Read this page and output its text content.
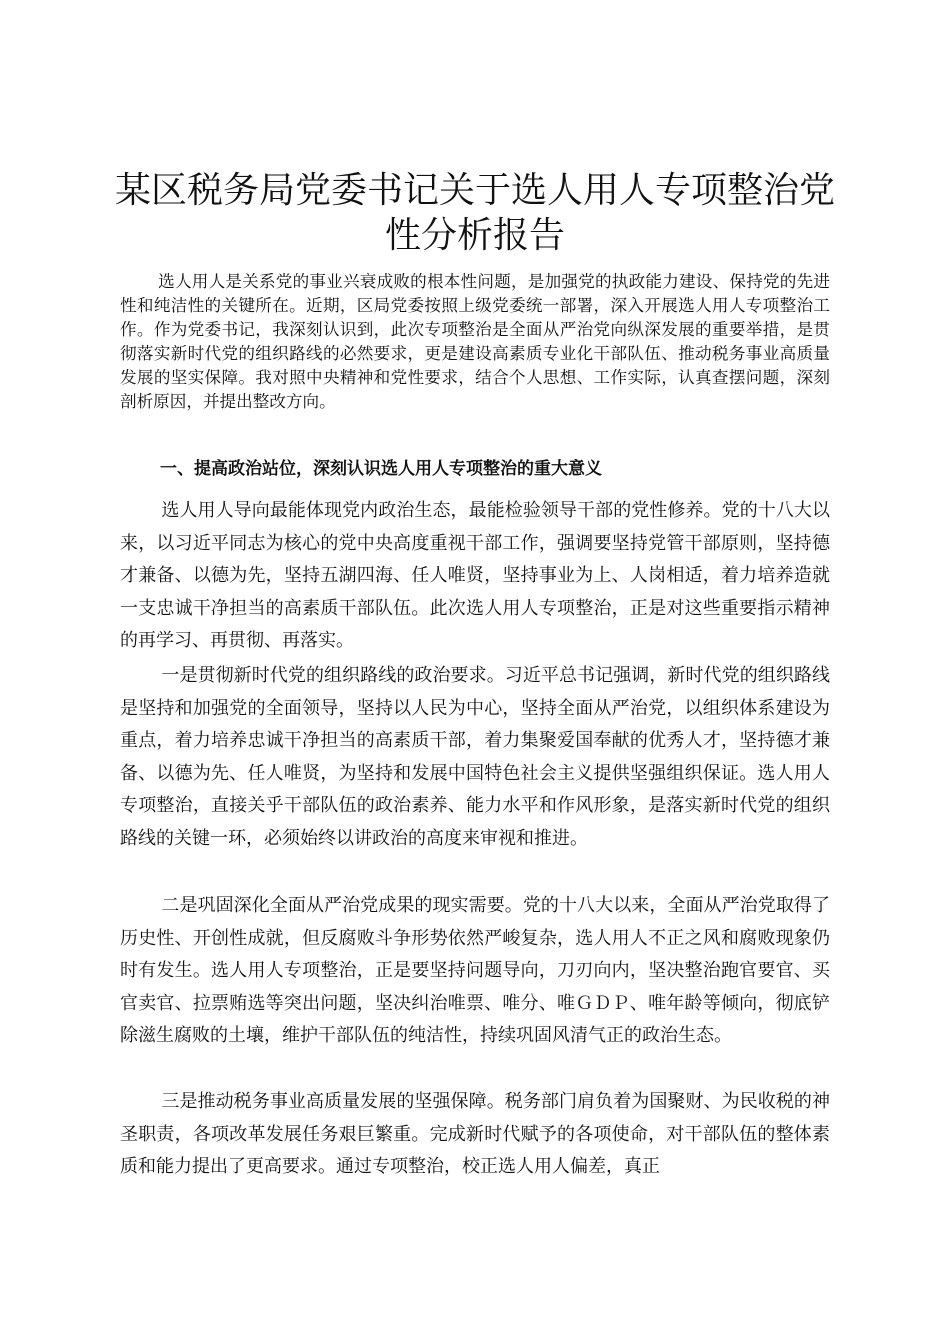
某区税务局党委书记关于选人用人专项整治党性分析报告

选人用人是关系党的事业兴衰成败的根本性问题，是加强党的执政能力建设、保持党的先进性和纯洁性的关键所在。近期，区局党委按照上级党委统一部署，深入开展选人用人专项整治工作。作为党委书记，我深刻认识到，此次专项整治是全面从严治党向纵深发展的重要举措，是贯彻落实新时代党的组织路线的必然要求，更是建设高素质专业化干部队伍、推动税务事业高质量发展的坚实保障。我对照中央精神和党性要求，结合个人思想、工作实际，认真查摆问题，深刻剖析原因，并提出整改方向。

一、提高政治站位，深刻认识选人用人专项整治的重大意义

选人用人导向最能体现党内政治生态，最能检验领导干部的党性修养。党的十八大以来，以习近平同志为核心的党中央高度重视干部工作，强调要坚持党管干部原则，坚持德才兼备、以德为先，坚持五湖四海、任人唯贤，坚持事业为上、人岗相适，着力培养造就一支忠诚干净担当的高素质干部队伍。此次选人用人专项整治，正是对这些重要指示精神的再学习、再贯彻、再落实。

一是贯彻新时代党的组织路线的政治要求。习近平总书记强调，新时代党的组织路线是坚持和加强党的全面领导，坚持以人民为中心，坚持全面从严治党，以组织体系建设为重点，着力培养忠诚干净担当的高素质干部，着力集聚爱国奉献的优秀人才，坚持德才兼备、以德为先、任人唯贤，为坚持和发展中国特色社会主义提供坚强组织保证。选人用人专项整治，直接关乎干部队伍的政治素养、能力水平和作风形象，是落实新时代党的组织路线的关键一环，必须始终以讲政治的高度来审视和推进。

二是巩固深化全面从严治党成果的现实需要。党的十八大以来，全面从严治党取得了历史性、开创性成就，但反腐败斗争形势依然严峻复杂，选人用人不正之风和腐败现象仍时有发生。选人用人专项整治，正是要坚持问题导向，刀刃向内，坚决整治跑官要官、买官卖官、拉票贿选等突出问题，坚决纠治唯票、唯分、唯ＧＤＰ、唯年龄等倾向，彻底铲除滋生腐败的土壤，维护干部队伍的纯洁性，持续巩固风清气正的政治生态。

三是推动税务事业高质量发展的坚强保障。税务部门肩负着为国聚财、为民收税的神圣职责，各项改革发展任务艰巨繁重。完成新时代赋予的各项使命，对干部队伍的整体素质和能力提出了更高要求。通过专项整治，校正选人用人偏差，真正
